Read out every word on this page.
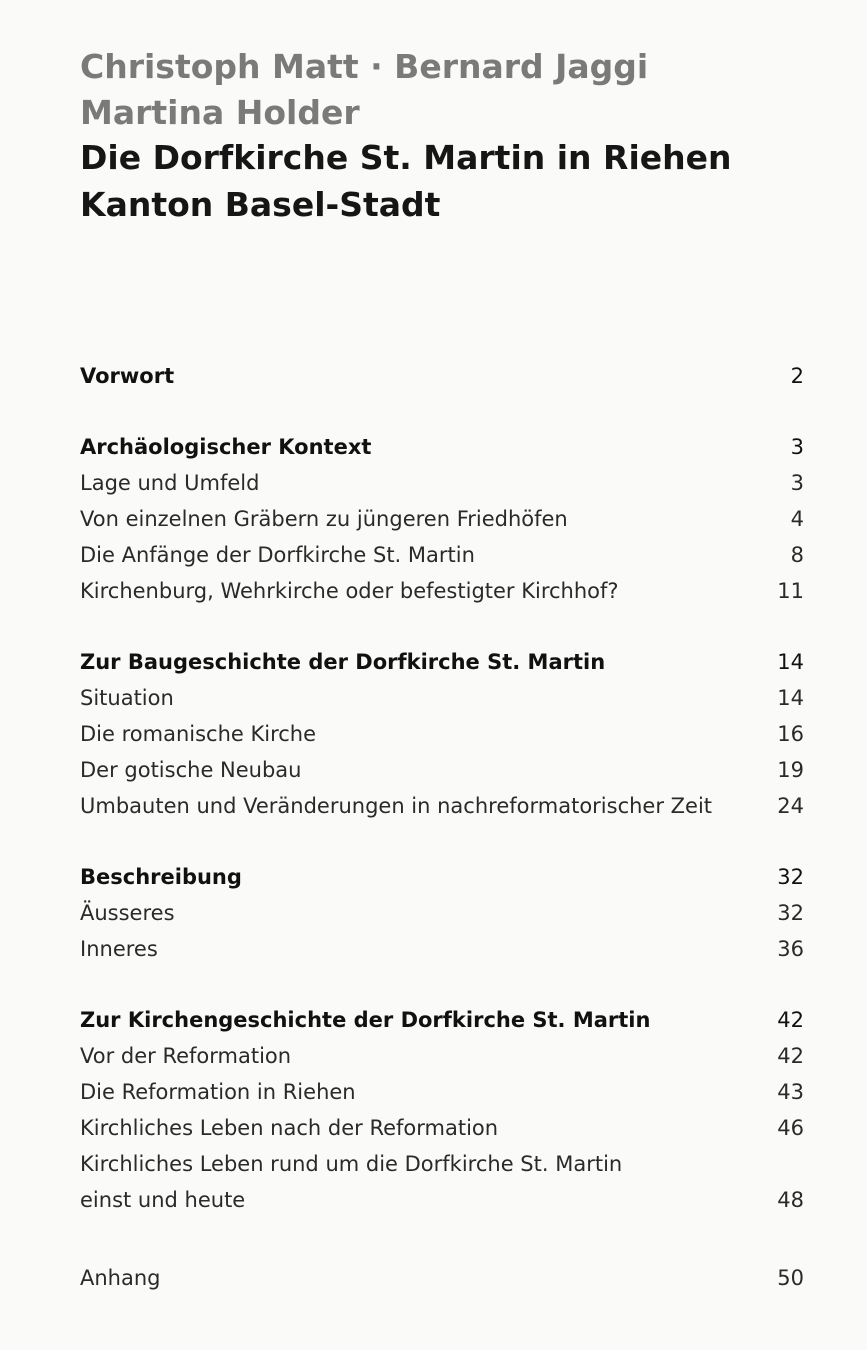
Christoph Matt · Bernard Jaggi
Martina Holder
Die Dorfkirche St. Martin in Riehen
Kanton Basel-Stadt
Vorwort	2
Archäologischer Kontext	3
Lage und Umfeld	3
Von einzelnen Gräbern zu jüngeren Friedhöfen	4
Die Anfänge der Dorfkirche St. Martin	8
Kirchenburg, Wehrkirche oder befestigter Kirchhof?	11
Zur Baugeschichte der Dorfkirche St. Martin	14
Situation	14
Die romanische Kirche	16
Der gotische Neubau	19
Umbauten und Veränderungen in nachreformatorischer Zeit	24
Beschreibung	32
Äusseres	32
Inneres	36
Zur Kirchengeschichte der Dorfkirche St. Martin	42
Vor der Reformation	42
Die Reformation in Riehen	43
Kirchliches Leben nach der Reformation	46
Kirchliches Leben rund um die Dorfkirche St. Martin
einst und heute	48
Anhang	50
